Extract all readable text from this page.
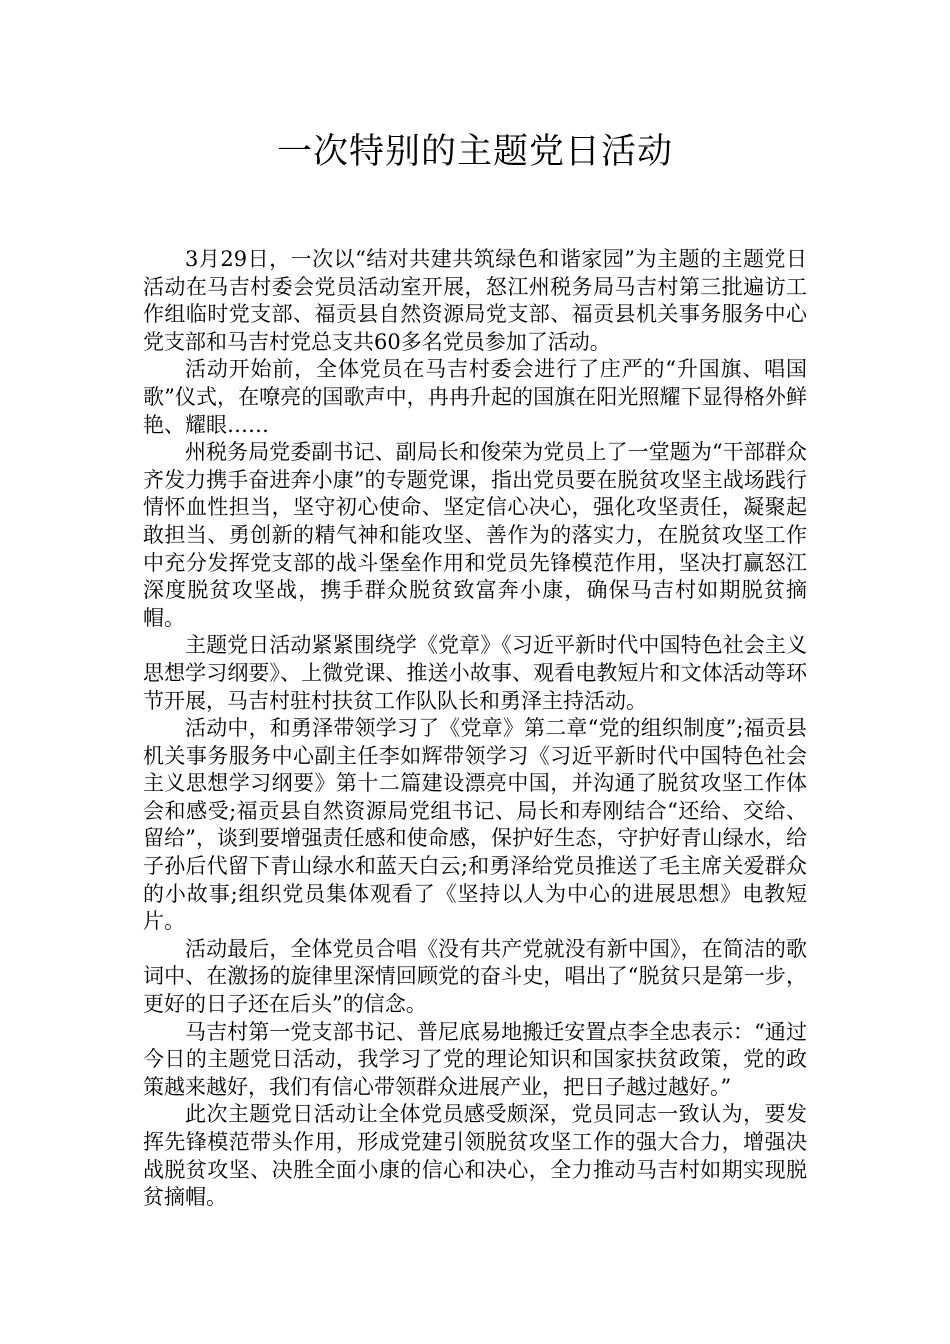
一次特别的主题党日活动

3月29日，一次以“结对共建共筑绿色和谐家园”为主题的主题党日活动在马吉村委会党员活动室开展，怒江州税务局马吉村第三批遍访工作组临时党支部、福贡县自然资源局党支部、福贡县机关事务服务中心党支部和马吉村党总支共60多名党员参加了活动。

活动开始前，全体党员在马吉村委会进行了庄严的“升国旗、唱国歌”仪式，在嘹亮的国歌声中，冉冉升起的国旗在阳光照耀下显得格外鲜艳、耀眼……

州税务局党委副书记、副局长和俊荣为党员上了一堂题为“干部群众齐发力携手奋进奔小康”的专题党课，指出党员要在脱贫攻坚主战场践行情怀血性担当，坚守初心使命、坚定信心决心，强化攻坚责任，凝聚起敢担当、勇创新的精气神和能攻坚、善作为的落实力，在脱贫攻坚工作中充分发挥党支部的战斗堡垒作用和党员先锋模范作用，坚决打赢怒江深度脱贫攻坚战，携手群众脱贫致富奔小康，确保马吉村如期脱贫摘帽。

主题党日活动紧紧围绕学《党章》《习近平新时代中国特色社会主义思想学习纲要》、上微党课、推送小故事、观看电教短片和文体活动等环节开展，马吉村驻村扶贫工作队队长和勇泽主持活动。

活动中，和勇泽带领学习了《党章》第二章“党的组织制度”;福贡县机关事务服务中心副主任李如辉带领学习《习近平新时代中国特色社会主义思想学习纲要》第十二篇建设漂亮中国，并沟通了脱贫攻坚工作体会和感受;福贡县自然资源局党组书记、局长和寿刚结合“还给、交给、留给”，谈到要增强责任感和使命感，保护好生态，守护好青山绿水，给子孙后代留下青山绿水和蓝天白云;和勇泽给党员推送了毛主席关爱群众的小故事;组织党员集体观看了《坚持以人为中心的进展思想》电教短片。

活动最后，全体党员合唱《没有共产党就没有新中国》，在简洁的歌词中、在激扬的旋律里深情回顾党的奋斗史，唱出了“脱贫只是第一步，更好的日子还在后头”的信念。

马吉村第一党支部书记、普尼底易地搬迁安置点李全忠表示：“通过今日的主题党日活动，我学习了党的理论知识和国家扶贫政策，党的政策越来越好，我们有信心带领群众进展产业，把日子越过越好。”

此次主题党日活动让全体党员感受颇深，党员同志一致认为，要发挥先锋模范带头作用，形成党建引领脱贫攻坚工作的强大合力，增强决战脱贫攻坚、决胜全面小康的信心和决心，全力推动马吉村如期实现脱贫摘帽。
